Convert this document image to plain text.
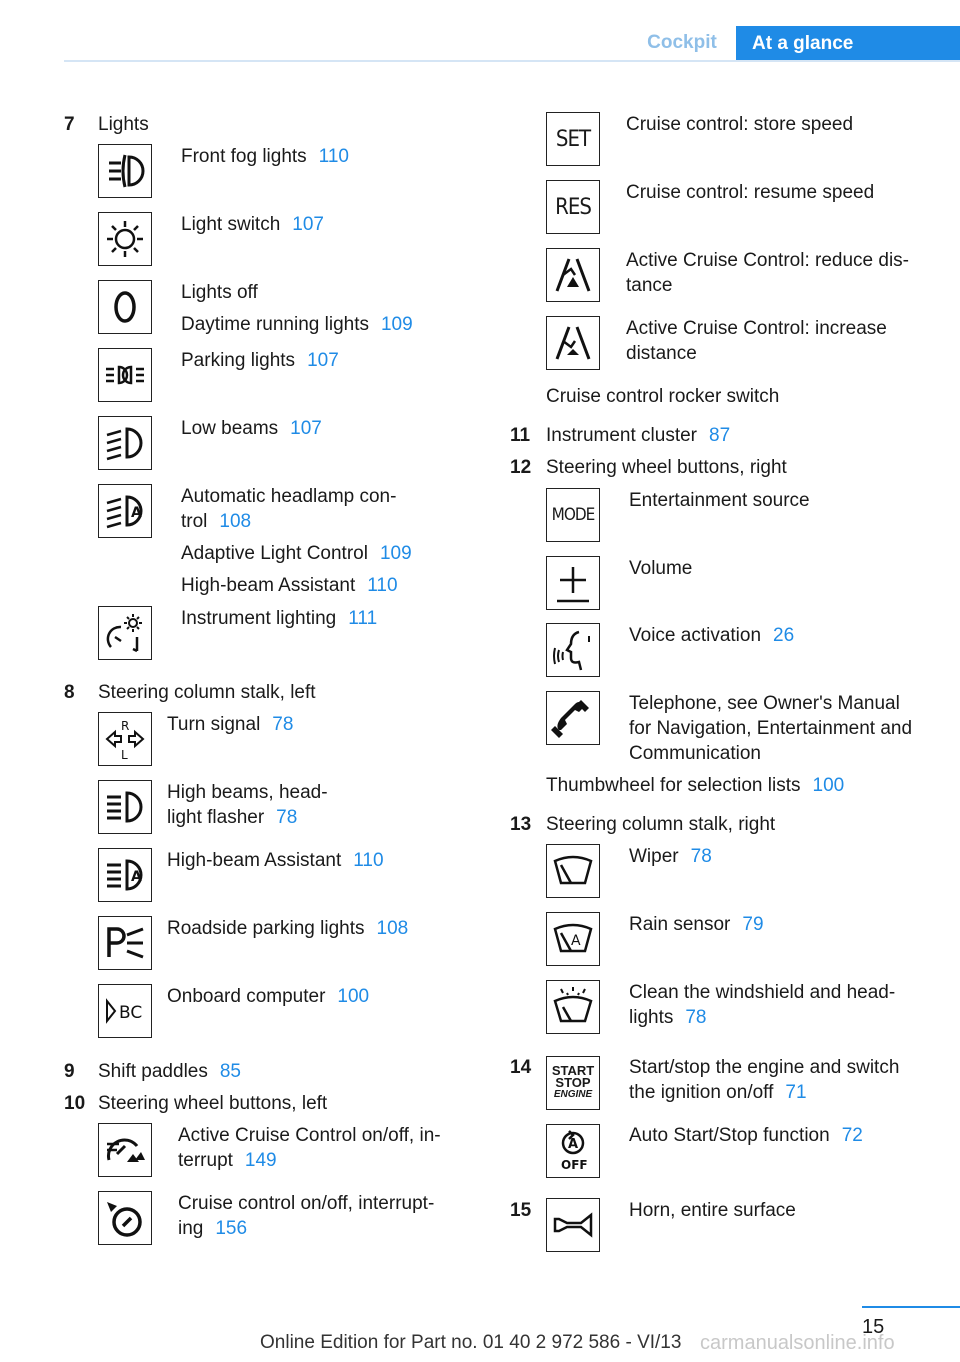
Cockpit	At a glance
7 Lights
Front fog lights 110
Light switch 107
Lights off
Daytime running lights 109
Parking lights 107
Low beams 107
A
Automatic headlamp con-
trol 108
Adaptive Light Control 109
High-beam Assistant 110
Instrument lighting 111
8 Steering column stalk, left
R
L
Turn signal 78
High beams, head-
light flasher 78
A
High-beam Assistant 110
Roadside parking lights 108
BC
Onboard computer 100
9 Shift paddles 85
10 Steering wheel buttons, left
Active Cruise Control on/off, in-
terrupt 149
Cruise control on/off, interrupt-
ing 156
SET
Cruise control: store speed
RES
Cruise control: resume speed
Active Cruise Control: reduce dis-
tance
Active Cruise Control: increase
distance
Cruise control rocker switch
11 Instrument cluster 87
12 Steering wheel buttons, right
MODE
Entertainment source
Volume
Voice activation 26
Telephone, see Owner's Manual
for Navigation, Entertainment and
Communication
Thumbwheel for selection lists 100
13 Steering column stalk, right
Wiper 78
A
Rain sensor 79
Clean the windshield and head-
lights 78
14 START
STOP
ENGINE
Start/stop the engine and switch
the ignition on/off 71
A
OFF
Auto Start/Stop function 72
15	Horn, entire surface
15
Online Edition for Part no. 01 40 2 972 586 - VI/13 carmanualsonline.info
